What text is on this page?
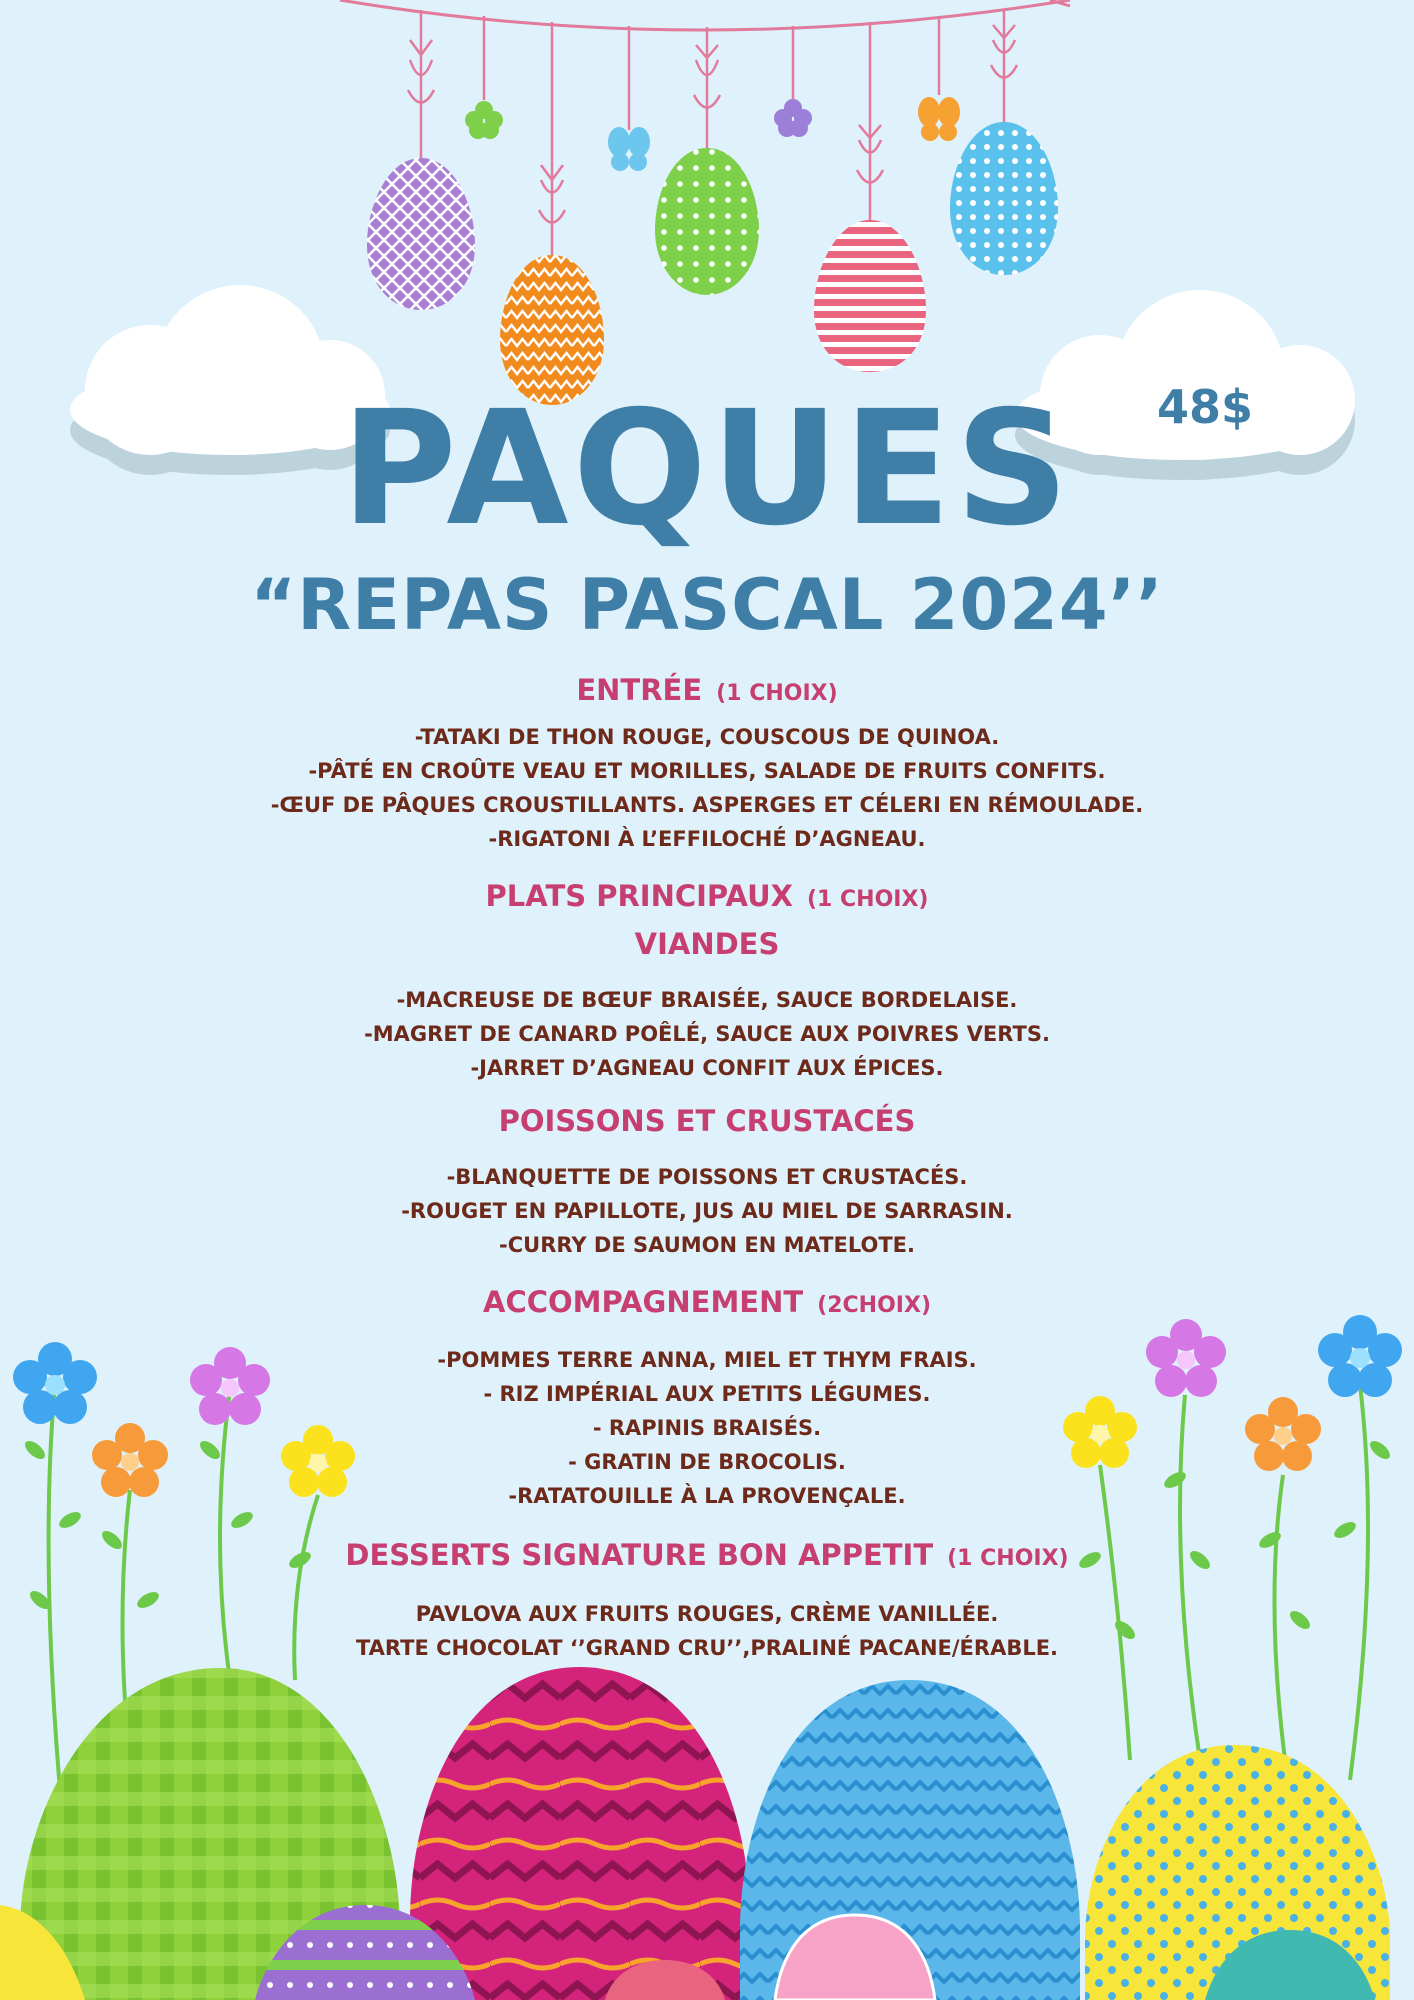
PAQUES	48$
“REPAS PASCAL 2024’’
ENTRÉE (1 CHOIX)
-TATAKI DE THON ROUGE, COUSCOUS DE QUINOA.
-PÂTÉ EN CROÛTE VEAU ET MORILLES, SALADE DE FRUITS CONFITS.
-ŒUF DE PÂQUES CROUSTILLANTS. ASPERGES ET CÉLERI EN RÉMOULADE.
-RIGATONI À L’EFFILOCHÉ D’AGNEAU.
PLATS PRINCIPAUX (1 CHOIX)
VIANDES
-MACREUSE DE BŒUF BRAISÉE, SAUCE BORDELAISE.
-MAGRET DE CANARD POÊLÉ, SAUCE AUX POIVRES VERTS.
-JARRET D’AGNEAU CONFIT AUX ÉPICES.
POISSONS ET CRUSTACÉS
-BLANQUETTE DE POISSONS ET CRUSTACÉS.
-ROUGET EN PAPILLOTE, JUS AU MIEL DE SARRASIN.
-CURRY DE SAUMON EN MATELOTE.
ACCOMPAGNEMENT (2CHOIX)
-POMMES TERRE ANNA, MIEL ET THYM FRAIS.
- RIZ IMPÉRIAL AUX PETITS LÉGUMES.
- RAPINIS BRAISÉS.
- GRATIN DE BROCOLIS.
-RATATOUILLE À LA PROVENÇALE.
DESSERTS SIGNATURE BON APPETIT (1 CHOIX)
PAVLOVA AUX FRUITS ROUGES, CRÈME VANILLÉE.
TARTE CHOCOLAT ‘’GRAND CRU’’,PRALINÉ PACANE/ÉRABLE.
